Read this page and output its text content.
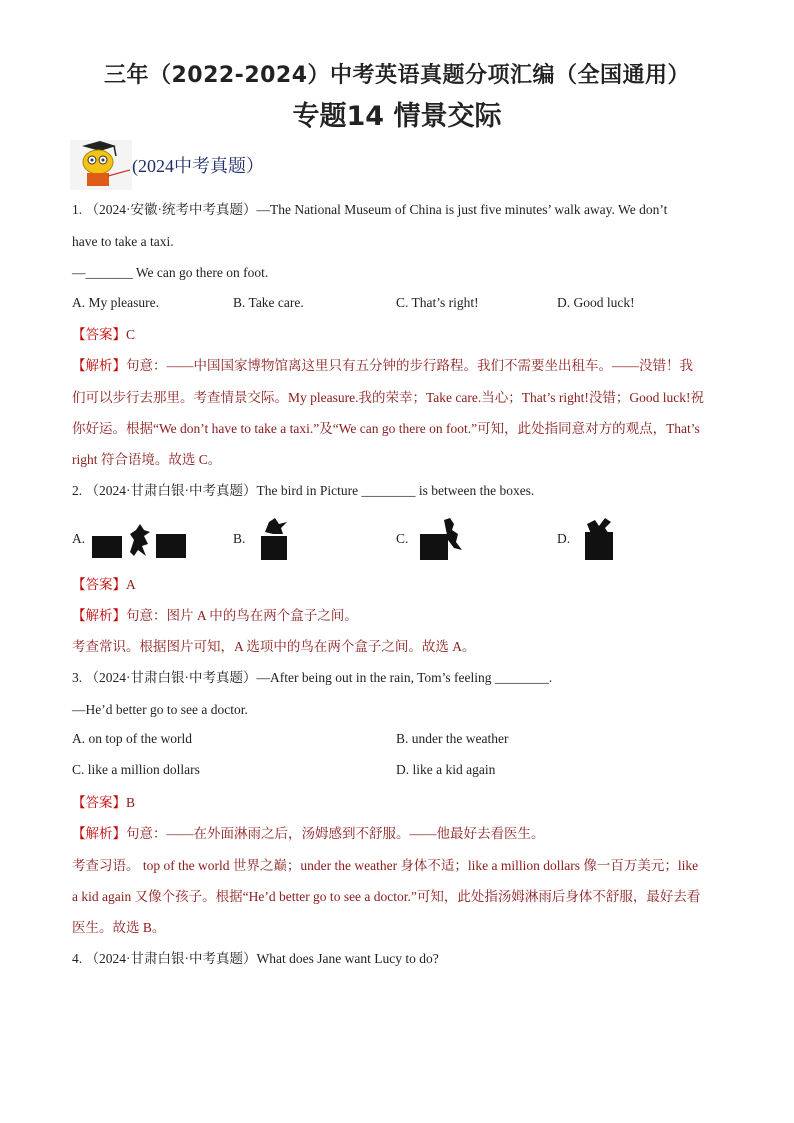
三年（2022-2024）中考英语真题分项汇编（全国通用）
专题14 情景交际
(2024中考真题）
1. （2024·安徽·统考中考真题）—The National Museum of China is just five minutes’ walk away. We don’t
have to take a taxi.
—_______ We can go there on foot.
A. My pleasure.	B. Take care.	C. That’s right!	D. Good luck!
【答案】C
【解析】句意：——中国国家博物馆离这里只有五分钟的步行路程。我们不需要坐出租车。——没错！我
们可以步行去那里。考查情景交际。My pleasure.我的荣幸；Take care.当心；That’s right!没错；Good luck!祝
你好运。根据“We don’t have to take a taxi.”及“We can go there on foot.”可知，此处指同意对方的观点，That’s
right 符合语境。故选 C。
2. （2024·甘肃白银·中考真题）The bird in Picture ________ is between the boxes.
A.	B.	C.	D.
【答案】A
【解析】句意：图片 A 中的鸟在两个盒子之间。
考查常识。根据图片可知，A 选项中的鸟在两个盒子之间。故选 A。
3. （2024·甘肃白银·中考真题）—After being out in the rain, Tom’s feeling ________.
—He’d better go to see a doctor.
A. on top of the world	B. under the weather
C. like a million dollars	D. like a kid again
【答案】B
【解析】句意：——在外面淋雨之后，汤姆感到不舒服。——他最好去看医生。
考查习语。 top of the world 世界之巅；under the weather 身体不适；like a million dollars 像一百万美元；like
a kid again 又像个孩子。根据“He’d better go to see a doctor.”可知，此处指汤姆淋雨后身体不舒服，最好去看
医生。故选 B。
4. （2024·甘肃白银·中考真题）What does Jane want Lucy to do?
